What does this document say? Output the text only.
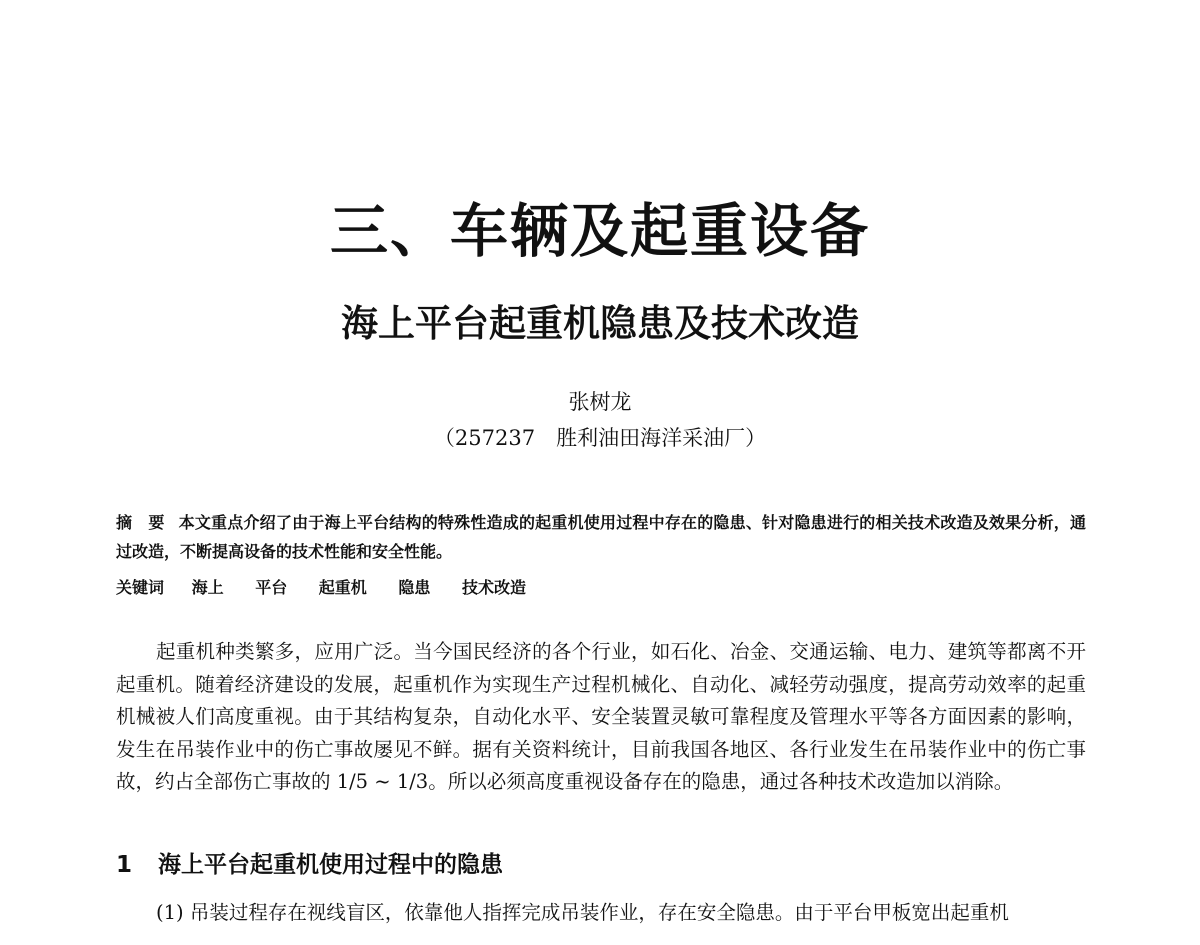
三、车辆及起重设备
海上平台起重机隐患及技术改造
张树龙
（257237　胜利油田海洋采油厂）
摘　要 本文重点介绍了由于海上平台结构的特殊性造成的起重机使用过程中存在的隐患、针对隐患进行的相关技术改造及效果分析，通过改造，不断提高设备的技术性能和安全性能。
关键词 海上 平台 起重机 隐患 技术改造

起重机种类繁多，应用广泛。当今国民经济的各个行业，如石化、冶金、交通运输、电力、建筑等都离不开起重机。随着经济建设的发展，起重机作为实现生产过程机械化、自动化、减轻劳动强度，提高劳动效率的起重机械被人们高度重视。由于其结构复杂，自动化水平、安全装置灵敏可靠程度及管理水平等各方面因素的影响，发生在吊装作业中的伤亡事故屡见不鲜。据有关资料统计，目前我国各地区、各行业发生在吊装作业中的伤亡事故，约占全部伤亡事故的 1/5 ~ 1/3。所以必须高度重视设备存在的隐患，通过各种技术改造加以消除。

1 海上平台起重机使用过程中的隐患

(1) 吊装过程存在视线盲区，依靠他人指挥完成吊装作业，存在安全隐患。由于平台甲板宽出起重机
